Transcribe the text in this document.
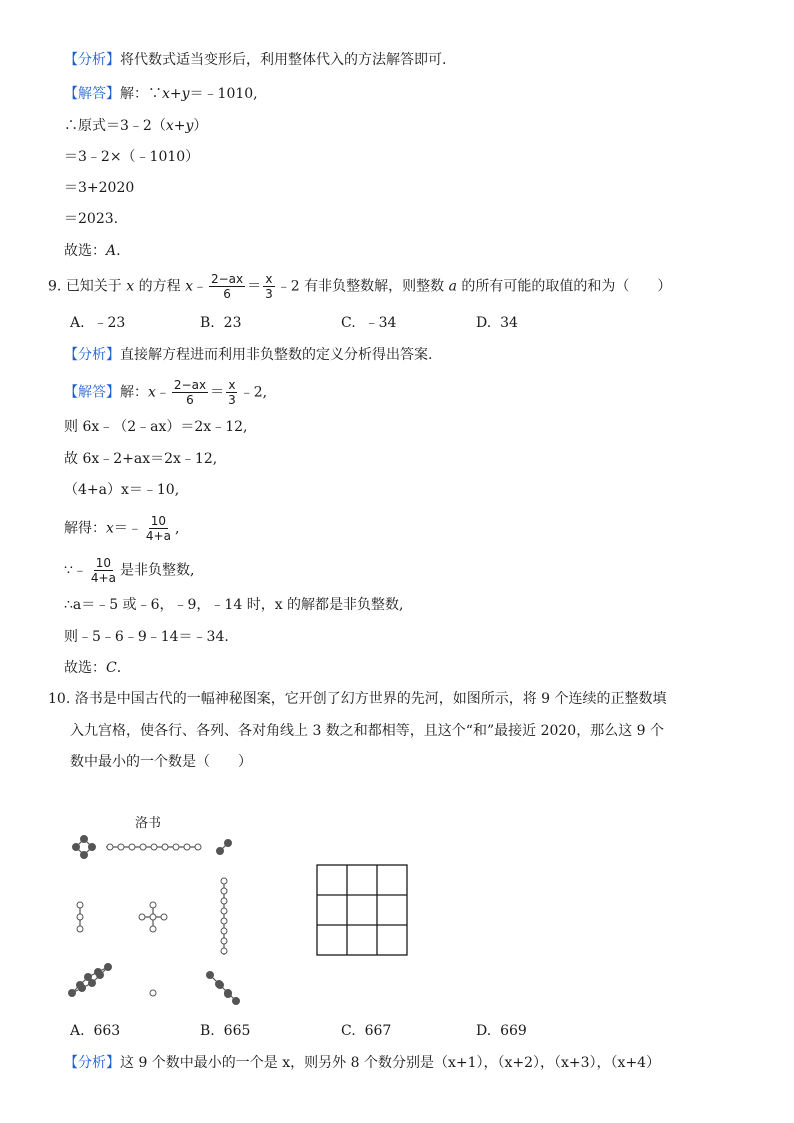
【分析】将代数式适当变形后，利用整体代入的方法解答即可.
【解答】解：∵x+y＝﹣1010,
∴原式＝3﹣2（x+y）
＝3﹣2×（﹣1010）
＝3+2020
＝2023.
故选：A.
9. 已知关于 x 的方程 x﹣ $\frac{2-ax}{6} = \frac{x}{3}$ ﹣2 有非负整数解，则整数 a 的所有可能的取值的和为（　　）
A. ﹣23	B. 23	C. ﹣34	D. 34
【分析】直接解方程进而利用非负整数的定义分析得出答案.
【解答】解：x﹣ $\frac{2-ax}{6} = \frac{x}{3}$ ﹣2,
则 6x﹣（2﹣ax）＝2x﹣12,
故 6x﹣2+ax＝2x﹣12,
（4+a）x＝﹣10,
解得：x＝﹣ $\frac{10}{4+a}$ ,
∵﹣ $\frac{10}{4+a}$ 是非负整数,
∴a＝﹣5 或﹣6，﹣9，﹣14 时，x 的解都是非负整数,
则﹣5﹣6﹣9﹣14＝﹣34.
故选：C.
10. 洛书是中国古代的一幅神秘图案，它开创了幻方世界的先河，如图所示，将 9 个连续的正整数填
入九宫格，使各行、各列、各对角线上 3 数之和都相等，且这个“和”最接近 2020，那么这 9 个
数中最小的一个数是（　　）
洛书
A. 663	B. 665	C. 667	D. 669
【分析】这 9 个数中最小的一个是 x，则另外 8 个数分别是（x+1），（x+2），（x+3），（x+4）
